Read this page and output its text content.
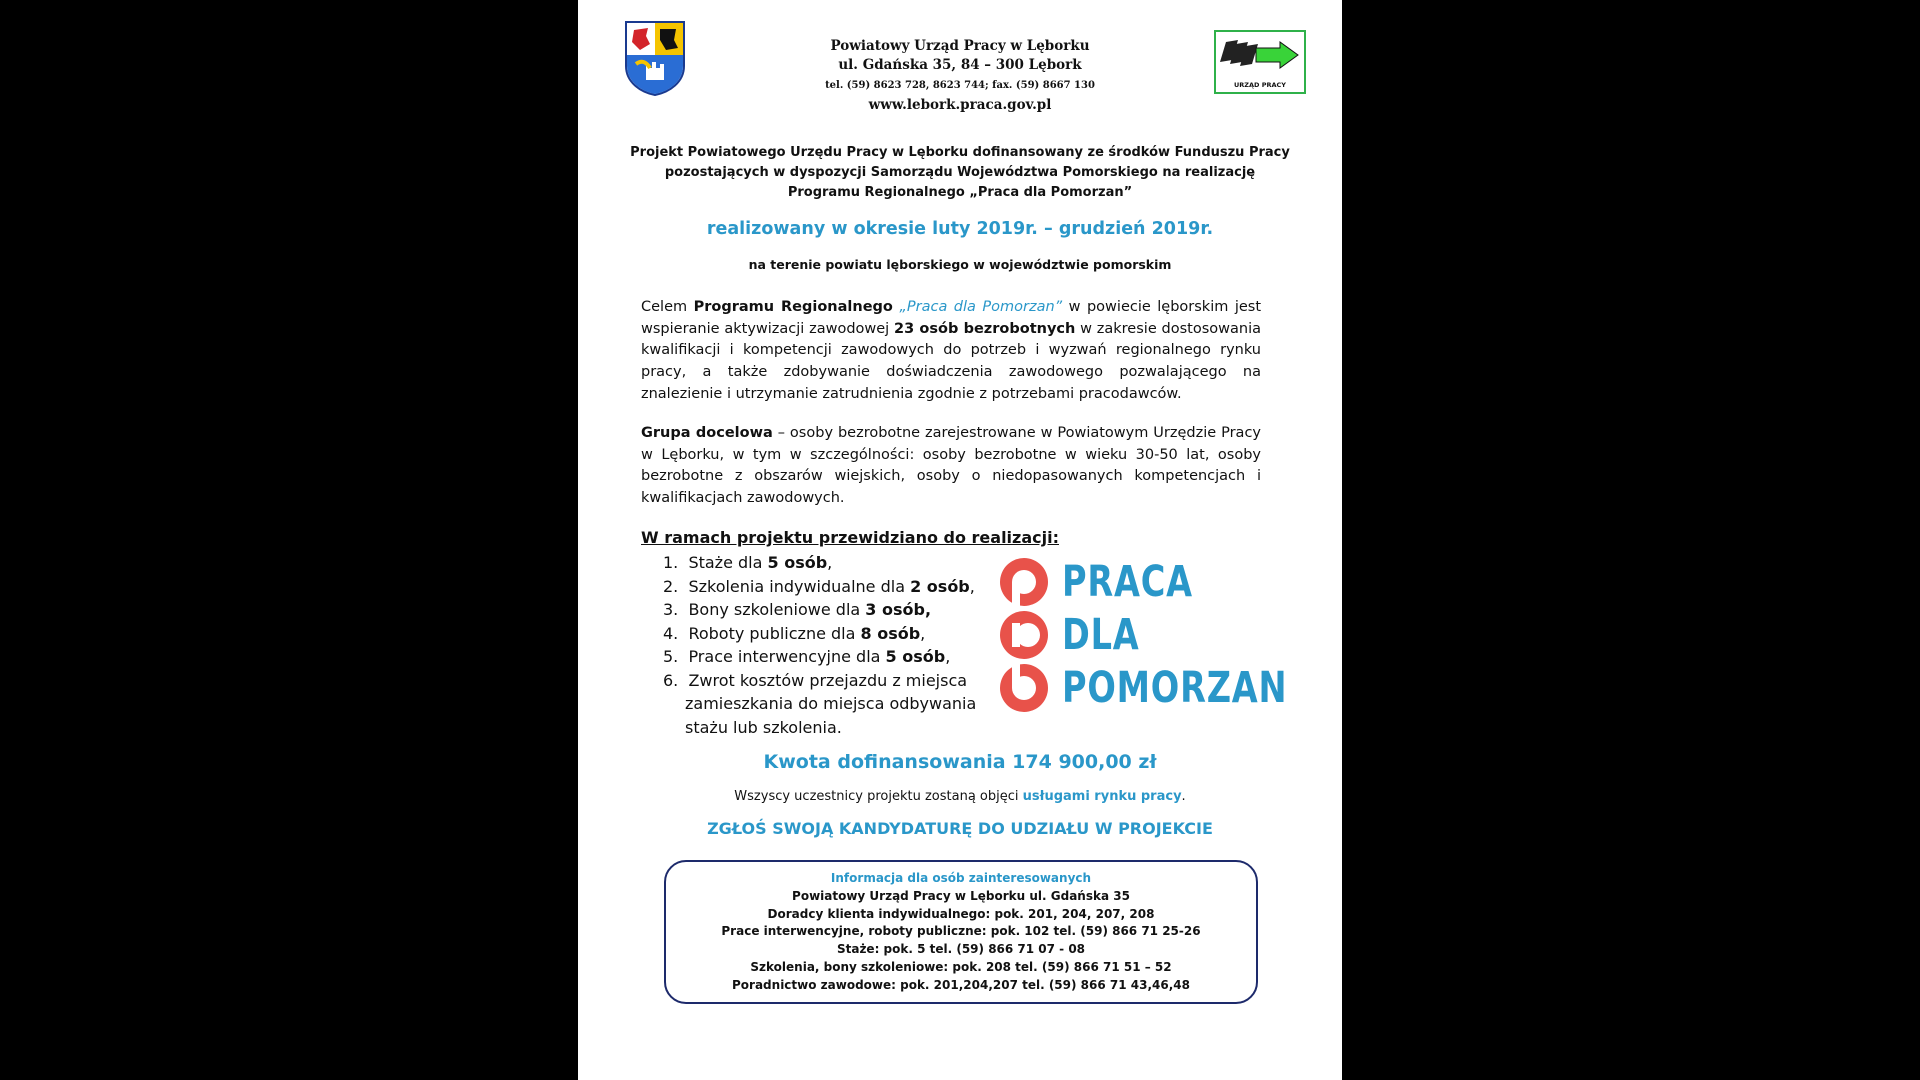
Powiatowy Urząd Pracy w Lęborku
ul. Gdańska 35, 84 – 300 Lębork
tel. (59) 8623 728, 8623 744; fax. (59) 8667 130
www.lebork.praca.gov.pl
URZĄD PRACY
Projekt Powiatowego Urzędu Pracy w Lęborku dofinansowany ze środków Funduszu Pracy
pozostających w dyspozycji Samorządu Województwa Pomorskiego na realizację
Programu Regionalnego „Praca dla Pomorzan”
realizowany w okresie luty 2019r. – grudzień 2019r.
na terenie powiatu lęborskiego w województwie pomorskim
Celem Programu Regionalnego „Praca dla Pomorzan” w powiecie lęborskim jest wspieranie aktywizacji zawodowej 23 osób bezrobotnych w zakresie dostosowania kwalifikacji i kompetencji zawodowych do potrzeb i wyzwań regionalnego rynku pracy, a także zdobywanie doświadczenia zawodowego pozwalającego na znalezienie i utrzymanie zatrudnienia zgodnie z potrzebami pracodawców.
Grupa docelowa – osoby bezrobotne zarejestrowane w Powiatowym Urzędzie Pracy w Lęborku, w tym w szczególności: osoby bezrobotne w wieku 30-50 lat, osoby bezrobotne z obszarów wiejskich, osoby o niedopasowanych kompetencjach i kwalifikacjach zawodowych.
W ramach projektu przewidziano do realizacji:
1. Staże dla 5 osób,
2. Szkolenia indywidualne dla 2 osób,
3. Bony szkoleniowe dla 3 osób,
4. Roboty publiczne dla 8 osób,
5. Prace interwencyjne dla 5 osób,
6. Zwrot kosztów przejazdu z miejsca
zamieszkania do miejsca odbywania
stażu lub szkolenia.
PRACA
DLA
POMORZAN
Kwota dofinansowania 174 900,00 zł
Wszyscy uczestnicy projektu zostaną objęci usługami rynku pracy.
ZGŁOŚ SWOJĄ KANDYDATURĘ DO UDZIAŁU W PROJEKCIE
Informacja dla osób zainteresowanych
Powiatowy Urząd Pracy w Lęborku ul. Gdańska 35
Doradcy klienta indywidualnego: pok. 201, 204, 207, 208
Prace interwencyjne, roboty publiczne: pok. 102 tel. (59) 866 71 25-26
Staże: pok. 5 tel. (59) 866 71 07 - 08
Szkolenia, bony szkoleniowe: pok. 208 tel. (59) 866 71 51 – 52
Poradnictwo zawodowe: pok. 201,204,207 tel. (59) 866 71 43,46,48
